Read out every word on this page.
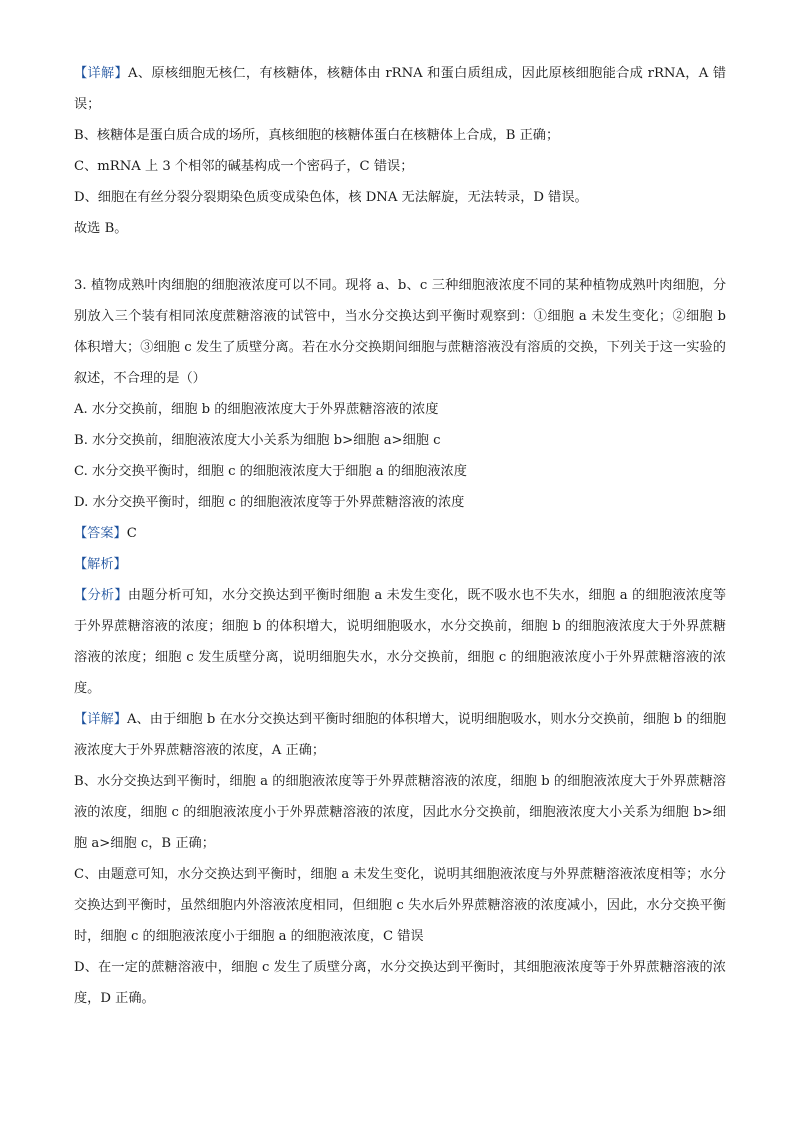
【详解】A、原核细胞无核仁，有核糖体，核糖体由 rRNA 和蛋白质组成，因此原核细胞能合成 rRNA，A 错误；

B、核糖体是蛋白质合成的场所，真核细胞的核糖体蛋白在核糖体上合成，B 正确；

C、mRNA 上 3 个相邻的碱基构成一个密码子，C 错误；

D、细胞在有丝分裂分裂期染色质变成染色体，核 DNA 无法解旋，无法转录，D 错误。

故选 B。

3. 植物成熟叶肉细胞的细胞液浓度可以不同。现将 a、b、c 三种细胞液浓度不同的某种植物成熟叶肉细胞，分别放入三个装有相同浓度蔗糖溶液的试管中，当水分交换达到平衡时观察到：①细胞 a 未发生变化；②细胞 b 体积增大；③细胞 c 发生了质壁分离。若在水分交换期间细胞与蔗糖溶液没有溶质的交换，下列关于这一实验的叙述，不合理的是（）

A. 水分交换前，细胞 b 的细胞液浓度大于外界蔗糖溶液的浓度

B. 水分交换前，细胞液浓度大小关系为细胞 b>细胞 a>细胞 c

C. 水分交换平衡时，细胞 c 的细胞液浓度大于细胞 a 的细胞液浓度

D. 水分交换平衡时，细胞 c 的细胞液浓度等于外界蔗糖溶液的浓度

【答案】C

【解析】

【分析】由题分析可知，水分交换达到平衡时细胞 a 未发生变化，既不吸水也不失水，细胞 a 的细胞液浓度等于外界蔗糖溶液的浓度；细胞 b 的体积增大，说明细胞吸水，水分交换前，细胞 b 的细胞液浓度大于外界蔗糖溶液的浓度；细胞 c 发生质壁分离，说明细胞失水，水分交换前，细胞 c 的细胞液浓度小于外界蔗糖溶液的浓度。

【详解】A、由于细胞 b 在水分交换达到平衡时细胞的体积增大，说明细胞吸水，则水分交换前，细胞 b 的细胞液浓度大于外界蔗糖溶液的浓度，A 正确；

B、水分交换达到平衡时，细胞 a 的细胞液浓度等于外界蔗糖溶液的浓度，细胞 b 的细胞液浓度大于外界蔗糖溶液的浓度，细胞 c 的细胞液浓度小于外界蔗糖溶液的浓度，因此水分交换前，细胞液浓度大小关系为细胞 b>细胞 a>细胞 c，B 正确；

C、由题意可知，水分交换达到平衡时，细胞 a 未发生变化，说明其细胞液浓度与外界蔗糖溶液浓度相等；水分交换达到平衡时，虽然细胞内外溶液浓度相同，但细胞 c 失水后外界蔗糖溶液的浓度减小，因此，水分交换平衡时，细胞 c 的细胞液浓度小于细胞 a 的细胞液浓度，C 错误

D、在一定的蔗糖溶液中，细胞 c 发生了质壁分离，水分交换达到平衡时，其细胞液浓度等于外界蔗糖溶液的浓度，D 正确。
